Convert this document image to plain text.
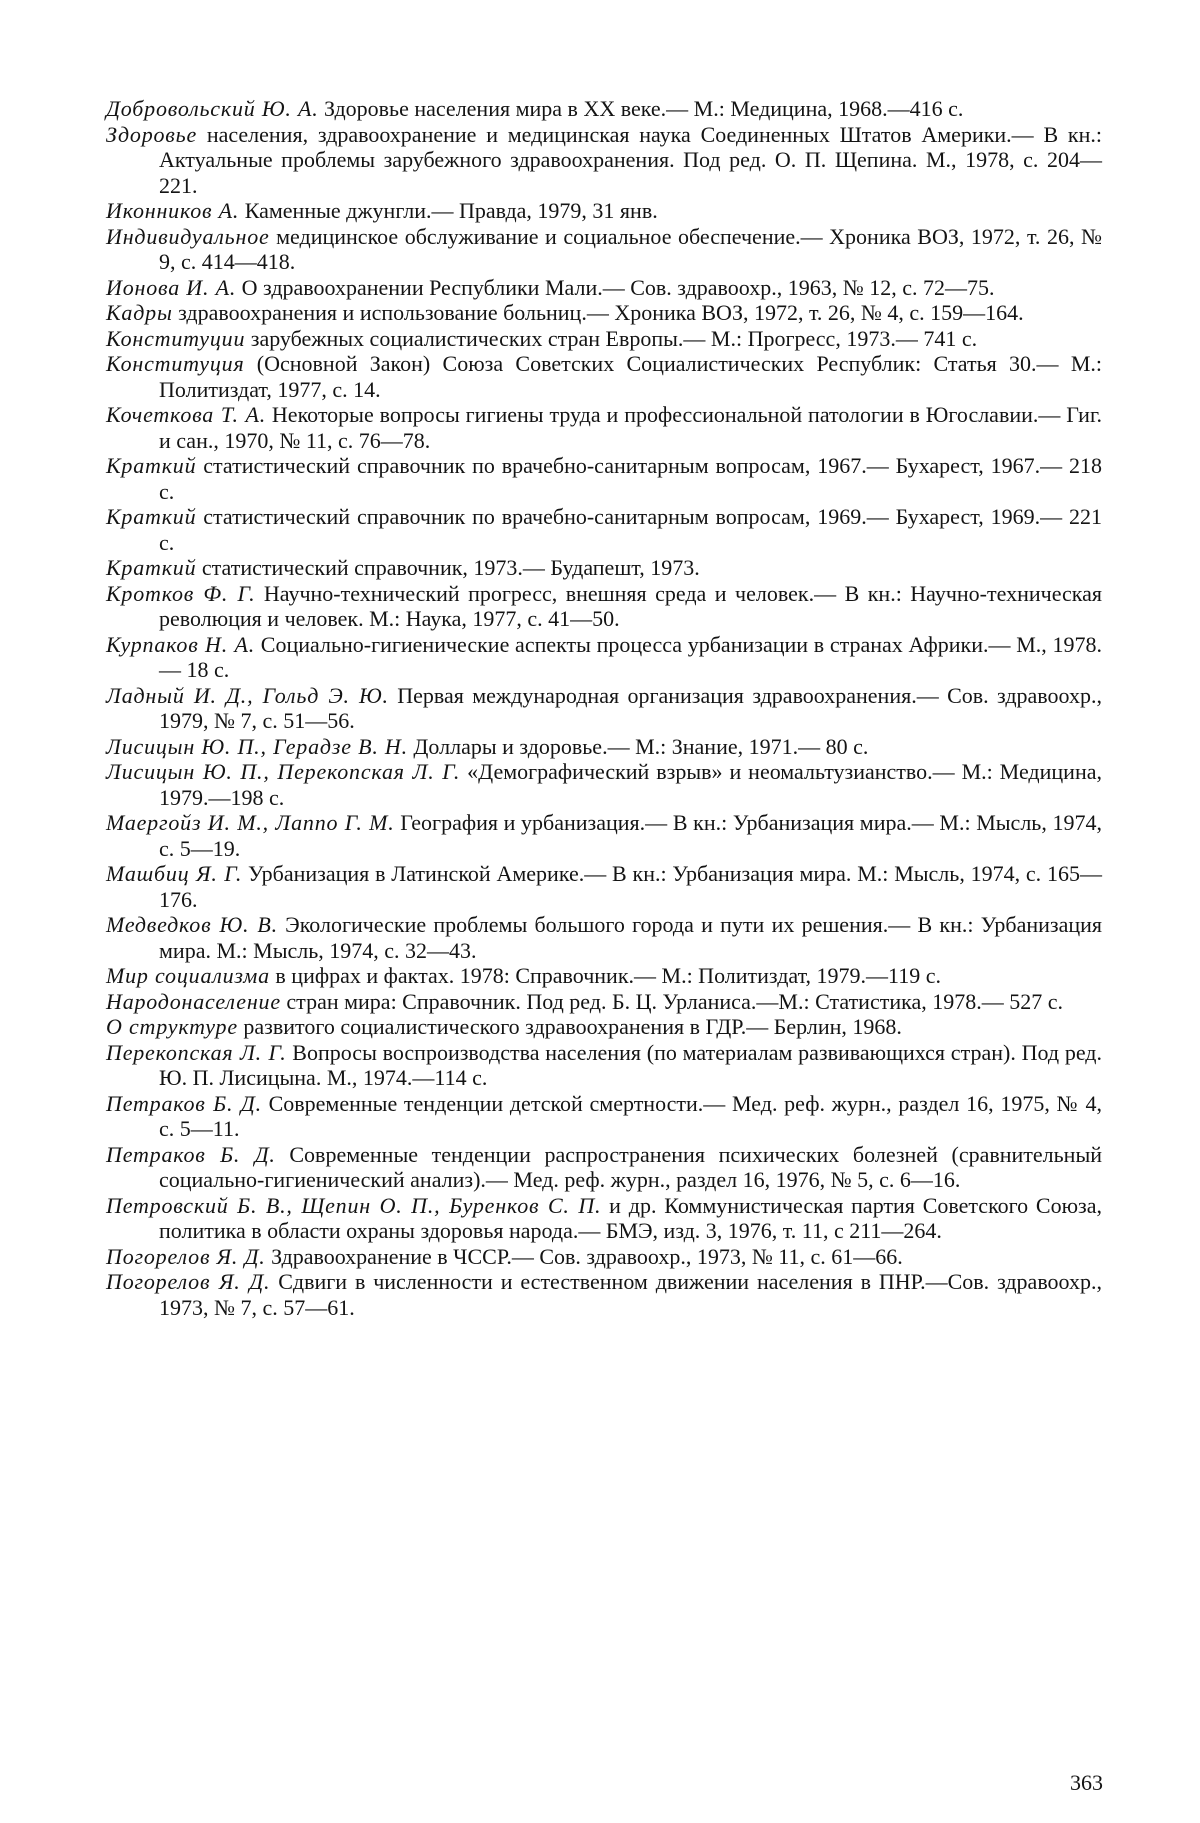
Добровольский Ю. А. Здоровье населения мира в XX веке.— М.: Медицина, 1968.—416 с.

Здоровье населения, здравоохранение и медицинская наука Соединенных Штатов Америки.— В кн.: Актуальные проблемы зарубежного здравоохранения. Под ред. О. П. Щепина. М., 1978, с. 204—221.

Иконников А. Каменные джунгли.— Правда, 1979, 31 янв.

Индивидуальное медицинское обслуживание и социальное обеспечение.— Хроника ВОЗ, 1972, т. 26, № 9, с. 414—418.

Ионова И. А. О здравоохранении Республики Мали.— Сов. здравоохр., 1963, № 12, с. 72—75.

Кадры здравоохранения и использование больниц.— Хроника ВОЗ, 1972, т. 26, № 4, с. 159—164.

Конституции зарубежных социалистических стран Европы.— М.: Прогресс, 1973.— 741 с.

Конституция (Основной Закон) Союза Советских Социалистических Республик: Статья 30.— М.: Политиздат, 1977, с. 14.

Кочеткова Т. А. Некоторые вопросы гигиены труда и профессиональной патологии в Югославии.— Гиг. и сан., 1970, № 11, с. 76—78.

Краткий статистический справочник по врачебно-санитарным вопросам, 1967.— Бухарест, 1967.— 218 с.

Краткий статистический справочник по врачебно-санитарным вопросам, 1969.— Бухарест, 1969.— 221 с.

Краткий статистический справочник, 1973.— Будапешт, 1973.

Кротков Ф. Г. Научно-технический прогресс, внешняя среда и человек.— В кн.: Научно-техническая революция и человек. М.: Наука, 1977, с. 41—50.

Курпаков Н. А. Социально-гигиенические аспекты процесса урбанизации в странах Африки.— М., 1978.— 18 с.

Ладный И. Д., Гольд Э. Ю. Первая международная организация здравоохранения.— Сов. здравоохр., 1979, № 7, с. 51—56.

Лисицын Ю. П., Герадзе В. Н. Доллары и здоровье.— М.: Знание, 1971.— 80 с.

Лисицын Ю. П., Перекопская Л. Г. «Демографический взрыв» и неомальтузианство.— М.: Медицина, 1979.—198 с.

Маергойз И. М., Лаппо Г. М. География и урбанизация.— В кн.: Урбанизация мира.— М.: Мысль, 1974, с. 5—19.

Машбиц Я. Г. Урбанизация в Латинской Америке.— В кн.: Урбанизация мира. М.: Мысль, 1974, с. 165—176.

Медведков Ю. В. Экологические проблемы большого города и пути их решения.— В кн.: Урбанизация мира. М.: Мысль, 1974, с. 32—43.

Мир социализма в цифрах и фактах. 1978: Справочник.— М.: Политиздат, 1979.—119 с.

Народонаселение стран мира: Справочник. Под ред. Б. Ц. Урланиса.—М.: Статистика, 1978.— 527 с.

О структуре развитого социалистического здравоохранения в ГДР.— Берлин, 1968.

Перекопская Л. Г. Вопросы воспроизводства населения (по материалам развивающихся стран). Под ред. Ю. П. Лисицына. М., 1974.—114 с.

Петраков Б. Д. Современные тенденции детской смертности.— Мед. реф. журн., раздел 16, 1975, № 4, с. 5—11.

Петраков Б. Д. Современные тенденции распространения психических болезней (сравнительный социально-гигиенический анализ).— Мед. реф. журн., раздел 16, 1976, № 5, с. 6—16.

Петровский Б. В., Щепин О. П., Буренков С. П. и др. Коммунистическая партия Советского Союза, политика в области охраны здоровья народа.— БМЭ, изд. 3, 1976, т. 11, с 211—264.

Погорелов Я. Д. Здравоохранение в ЧССР.— Сов. здравоохр., 1973, № 11, с. 61—66.

Погорелов Я. Д. Сдвиги в численности и естественном движении населения в ПНР.—Сов. здравоохр., 1973, № 7, с. 57—61.

363
